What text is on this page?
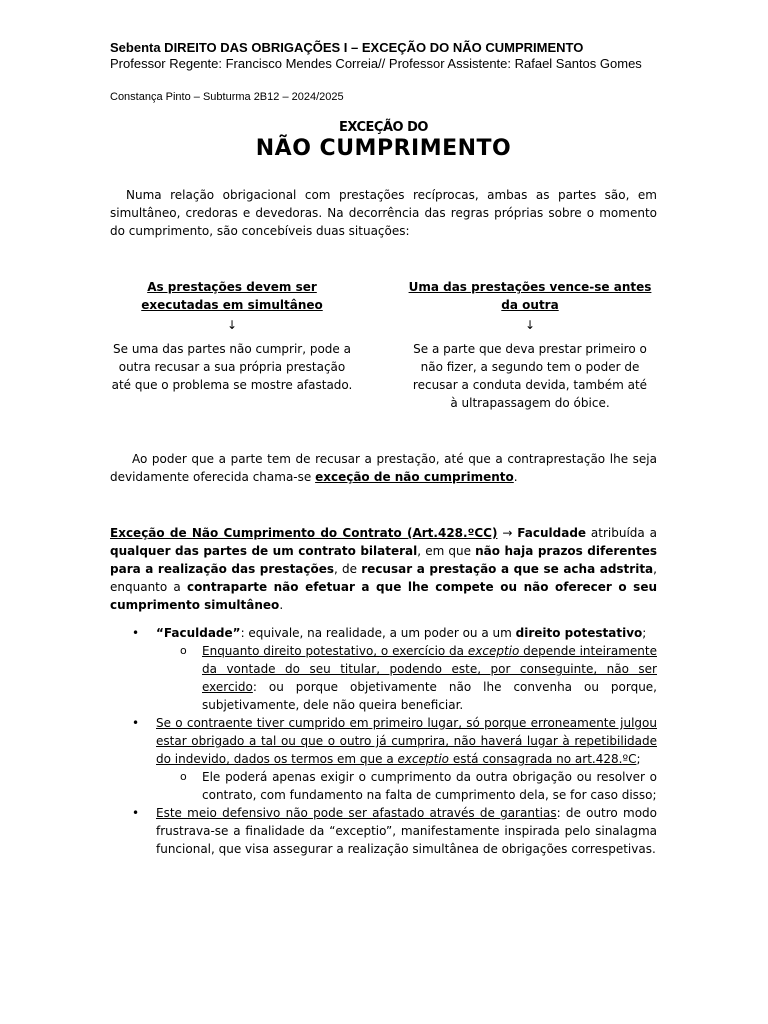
Sebenta DIREITO DAS OBRIGAÇÕES I – EXCEÇÃO DO NÃO CUMPRIMENTO

Professor Regente: Francisco Mendes Correia// Professor Assistente: Rafael Santos Gomes

Constança Pinto – Subturma 2B12 – 2024/2025

EXCEÇÃO DO

NÃO CUMPRIMENTO

Numa relação obrigacional com prestações recíprocas, ambas as partes são, em simultâneo, credoras e devedoras. Na decorrência das regras próprias sobre o momento do cumprimento, são concebíveis duas situações:

As prestações devem ser executadas em simultâneo
↓
Se uma das partes não cumprir, pode a outra recusar a sua própria prestação até que o problema se mostre afastado.
Uma das prestações vence-se antes da outra
↓
Se a parte que deva prestar primeiro o não fizer, a segundo tem o poder de recusar a conduta devida, também até à ultrapassagem do óbice.

Ao poder que a parte tem de recusar a prestação, até que a contraprestação lhe seja devidamente oferecida chama-se exceção de não cumprimento.

Exceção de Não Cumprimento do Contrato (Art.428.ºCC) → Faculdade atribuída a qualquer das partes de um contrato bilateral, em que não haja prazos diferentes para a realização das prestações, de recusar a prestação a que se acha adstrita, enquanto a contraparte não efetuar a que lhe compete ou não oferecer o seu cumprimento simultâneo.

• “Faculdade”: equivale, na realidade, a um poder ou a um direito potestativo;
o Enquanto direito potestativo, o exercício da exceptio depende inteiramente da vontade do seu titular, podendo este, por conseguinte, não ser exercido: ou porque objetivamente não lhe convenha ou porque, subjetivamente, dele não queira beneficiar.
• Se o contraente tiver cumprido em primeiro lugar, só porque erroneamente julgou estar obrigado a tal ou que o outro já cumprira, não haverá lugar à repetibilidade do indevido, dados os termos em que a exceptio está consagrada no art.428.ºC;
o Ele poderá apenas exigir o cumprimento da outra obrigação ou resolver o contrato, com fundamento na falta de cumprimento dela, se for caso disso;
• Este meio defensivo não pode ser afastado através de garantias: de outro modo frustrava-se a finalidade da “exceptio”, manifestamente inspirada pelo sinalagma funcional, que visa assegurar a realização simultânea de obrigações correspetivas.
